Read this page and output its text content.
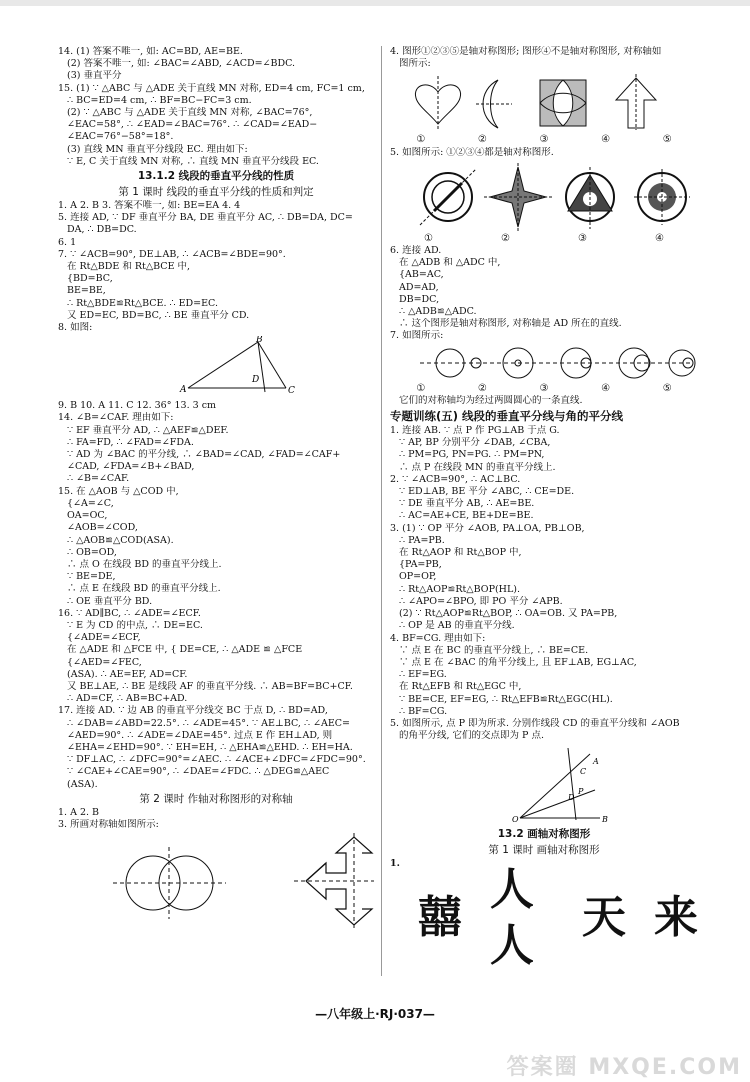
14. (1) 答案不唯一, 如: AC=BD, AE=BE.
(2) 答案不唯一, 如: ∠BAC=∠ABD, ∠ACD=∠BDC.
(3) 垂直平分
15. (1) ∵ △ABC 与 △ADE 关于直线 MN 对称, ED=4 cm, FC=1 cm,
∴ BC=ED=4 cm, ∴ BF=BC−FC=3 cm.
(2) ∵ △ABC 与 △ADE 关于直线 MN 对称, ∠BAC=76°,
∠EAC=58°, ∴ ∠EAD=∠BAC=76°. ∴ ∠CAD=∠EAD−
∠EAC=76°−58°=18°.
(3) 直线 MN 垂直平分线段 EC. 理由如下:
∵ E, C 关于直线 MN 对称, ∴ 直线 MN 垂直平分线段 EC.
13.1.2 线段的垂直平分线的性质
第 1 课时 线段的垂直平分线的性质和判定
1. A 2. B 3. 答案不唯一, 如: BE=EA 4. 4
5. 连接 AD, ∵ DF 垂直平分 BA, DE 垂直平分 AC, ∴ DB=DA, DC=
DA, ∴ DB=DC.
6. 1
7. ∵ ∠ACB=90°, DE⊥AB, ∴ ∠ACB=∠BDE=90°.
在 Rt△BDE 和 Rt△BCE 中,
{BD=BC,
BE=BE,
∴ Rt△BDE≌Rt△BCE. ∴ ED=EC.
又 ED=EC, BD=BC, ∴ BE 垂直平分 CD.
8. 如图:
A
B
C
D
9. B 10. A 11. C 12. 36° 13. 3 cm
14. ∠B=∠CAF. 理由如下:
∵ EF 垂直平分 AD, ∴ △AEF≌△DEF.
∴ FA=FD, ∴ ∠FAD=∠FDA.
∵ AD 为 ∠BAC 的平分线, ∴ ∠BAD=∠CAD, ∠FAD=∠CAF+
∠CAD, ∠FDA=∠B+∠BAD,
∴ ∠B=∠CAF.
15. 在 △AOB 与 △COD 中,
{∠A=∠C,
OA=OC,
∠AOB=∠COD,
∴ △AOB≌△COD(ASA).
∴ OB=OD,
∴ 点 O 在线段 BD 的垂直平分线上.
∵ BE=DE,
∴ 点 E 在线段 BD 的垂直平分线上.
∴ OE 垂直平分 BD.
16. ∵ AD∥BC, ∴ ∠ADE=∠ECF.
∵ E 为 CD 的中点, ∴ DE=EC.
{∠ADE=∠ECF,
在 △ADE 和 △FCE 中, { DE=CE, ∴ △ADE ≌ △FCE
{∠AED=∠FEC,
(ASA). ∴ AE=EF, AD=CF.
又 BE⊥AE, ∴ BE 是线段 AF 的垂直平分线. ∴ AB=BF=BC+CF.
∴ AD=CF, ∴ AB=BC+AD.
17. 连接 AD. ∵ 边 AB 的垂直平分线交 BC 于点 D, ∴ BD=AD,
∴ ∠DAB=∠ABD=22.5°. ∴ ∠ADE=45°. ∵ AE⊥BC, ∴ ∠AEC=
∠AED=90°. ∴ ∠ADE=∠DAE=45°. 过点 E 作 EH⊥AD, 则
∠EHA=∠EHD=90°. ∵ EH=EH, ∴ △EHA≌△EHD. ∴ EH=HA.
∵ DF⊥AC, ∴ ∠DFC=90°=∠AEC. ∴ ∠ACE+∠DFC=∠FDC=90°.
∵ ∠CAE+∠CAE=90°, ∴ ∠DAE=∠FDC. ∴ △DEG≌△AEC
(ASA).
第 2 课时 作轴对称图形的对称轴
1. A 2. B
3. 所画对称轴如图所示:
4. 图形①②③⑤是轴对称图形; 图形④不是轴对称图形, 对称轴如
图所示:
①	②	③	④	⑤
5. 如图所示: ①②③④都是轴对称图形.
①	②	③	④
6. 连接 AD.
在 △ADB 和 △ADC 中,
{AB=AC,
AD=AD,
DB=DC,
∴ △ADB≌△ADC.
∴ 这个图形是轴对称图形, 对称轴是 AD 所在的直线.
7. 如图所示:
①	②	③	④	⑤
它们的对称轴均为经过两圆圆心的一条直线.
专题训练(五) 线段的垂直平分线与角的平分线
1. 连接 AB. ∵ 点 P 作 PG⊥AB 于点 G.
∵ AP, BP 分别平分 ∠DAB, ∠CBA,
∴ PM=PG, PN=PG. ∴ PM=PN,
∴ 点 P 在线段 MN 的垂直平分线上.
2. ∵ ∠ACB=90°, ∴ AC⊥BC.
∵ ED⊥AB, BE 平分 ∠ABC, ∴ CE=DE.
∵ DE 垂直平分 AB, ∴ AE=BE.
∴ AC=AE+CE, BE+DE=BE.
3. (1) ∵ OP 平分 ∠AOB, PA⊥OA, PB⊥OB,
∴ PA=PB.
在 Rt△AOP 和 Rt△BOP 中,
{PA=PB,
OP=OP,
∴ Rt△AOP≌Rt△BOP(HL).
∴ ∠APO=∠BPO, 即 PO 平分 ∠APB.
(2) ∵ Rt△AOP≌Rt△BOP, ∴ OA=OB. 又 PA=PB,
∴ OP 是 AB 的垂直平分线.
4. BF=CG. 理由如下:
∵ 点 E 在 BC 的垂直平分线上, ∴ BE=CE.
∵ 点 E 在 ∠BAC 的角平分线上, 且 EF⊥AB, EG⊥AC,
∴ EF=EG.
在 Rt△EFB 和 Rt△EGC 中,
∵ BE=CE, EF=EG, ∴ Rt△EFB≌Rt△EGC(HL).
∴ BF=CG.
5. 如图所示, 点 P 即为所求. 分别作线段 CD 的垂直平分线和 ∠AOB
的角平分线, 它们的交点即为 P 点.
O
A
B
C
D
P
13.2 画轴对称图形
第 1 课时 画轴对称图形
1.
囍
人人
天 来
—八年级上·RJ·037—
答案圈 MXQE.COM
